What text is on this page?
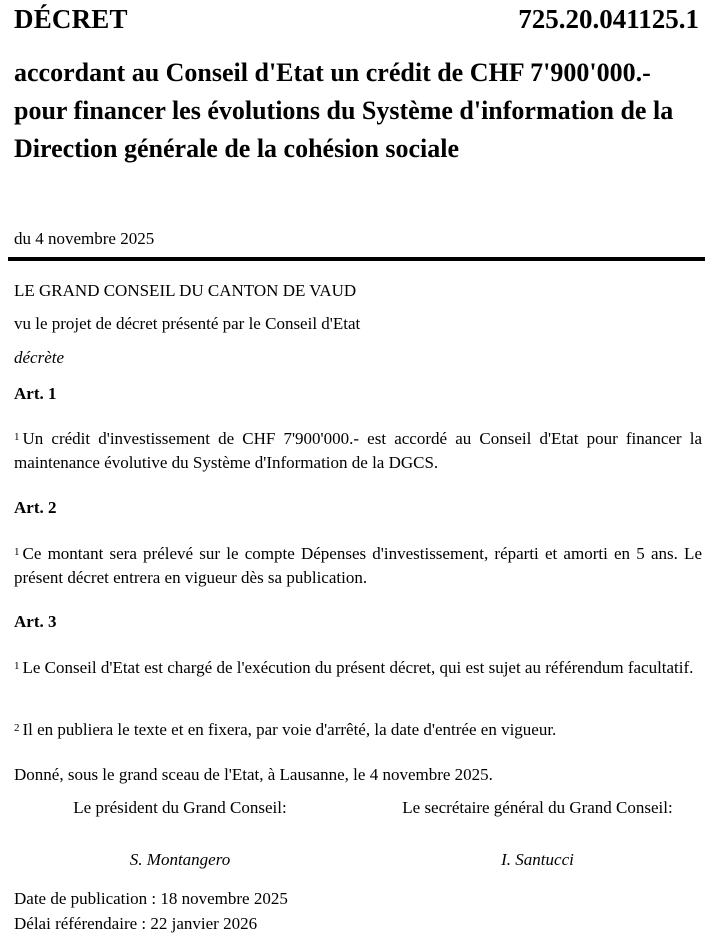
DÉCRET	725.20.041125.1
accordant au Conseil d'Etat un crédit de CHF 7'900'000.- pour financer les évolutions du Système d'information de la Direction générale de la cohésion sociale
du 4 novembre 2025

LE GRAND CONSEIL DU CANTON DE VAUD

vu le projet de décret présenté par le Conseil d'Etat

décrète

Art. 1

$^1$ Un crédit d'investissement de CHF 7'900'000.- est accordé au Conseil d'Etat pour financer la maintenance évolutive du Système d'Information de la DGCS.

Art. 2

$^1$ Ce montant sera prélevé sur le compte Dépenses d'investissement, réparti et amorti en 5 ans. Le présent décret entrera en vigueur dès sa publication.

Art. 3

$^1$ Le Conseil d'Etat est chargé de l'exécution du présent décret, qui est sujet au référendum facultatif.

$^2$ Il en publiera le texte et en fixera, par voie d'arrêté, la date d'entrée en vigueur.

Donné, sous le grand sceau de l'Etat, à Lausanne, le 4 novembre 2025.

Le président du Grand Conseil:	Le secrétaire général du Grand Conseil:
S. Montangero	I. Santucci

Date de publication : 18 novembre 2025

Délai référendaire : 22 janvier 2026
